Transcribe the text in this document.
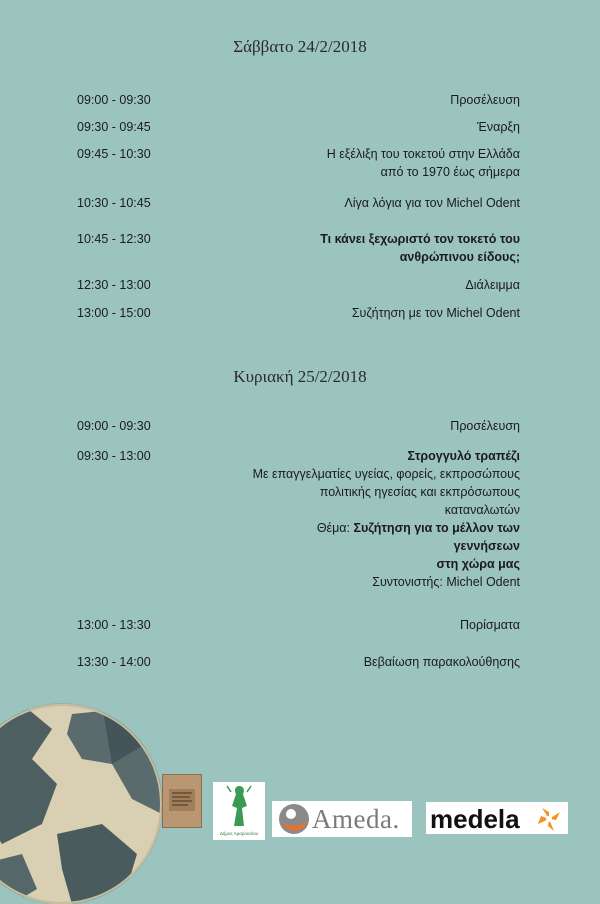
Σάββατο 24/2/2018
09:00 - 09:30	Προσέλευση
09:30 - 09:45	Έναρξη
09:45 - 10:30	Η εξέλιξη του τοκετού στην Ελλάδα
από το 1970 έως σήμερα
10:30 - 10:45	Λίγα λόγια για τον Michel Odent
10:45 - 12:30	Τι κάνει ξεχωριστό τον τοκετό του
ανθρώπινου είδους;
12:30 - 13:00	Διάλειμμα
13:00 - 15:00	Συζήτηση με τον Michel Odent
Κυριακή 25/2/2018
09:00 - 09:30	Προσέλευση
09:30 - 13:00	Στρογγυλό τραπέζι
Με επαγγελματίες υγείας, φορείς, εκπροσώπους
πολιτικής ηγεσίας και εκπρόσωπους
καταναλωτών
Θέμα: Συζήτηση για το μέλλον των
γεννήσεων
στη χώρα μας
Συντονιστής: Michel Odent
13:00 - 13:30	Πορίσματα
13:30 - 14:00	Βεβαίωση παρακολούθησης
Δήμος Αμαρουσίου Ameda. medela
